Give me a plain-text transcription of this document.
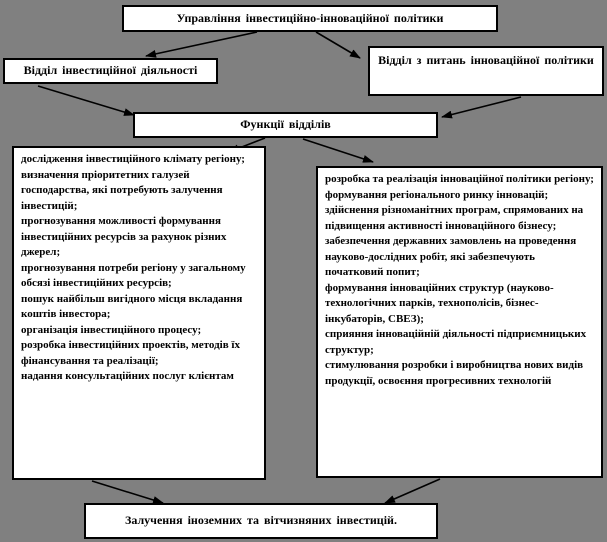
Управління інвестиційно-інноваційної політики
Відділ інвестиційної діяльності
Відділ з питань інноваційної політики
Функції відділів
дослідження інвестиційного клімату регіону;
визначення пріоритетних галузей господарства, які потребують залучення інвестицій;
прогнозування можливості формування інвестиційних ресурсів за рахунок різних джерел;
прогнозування потреби регіону у загальному обсязі інвестиційних ресурсів;
пошук найбільш вигідного місця вкладання коштів інвестора;
організація інвестиційного процесу;
розробка інвестиційних проектів, методів їх фінансування та реалізації;
надання консультаційних послуг клієнтам
розробка та реалізація інноваційної політики регіону;
формування регіонального ринку інновацій;
здійснення різноманітних програм, спрямованих на підвищення активності інноваційного бізнесу;
забезпечення державних замовлень на проведення науково-дослідних робіт, які забезпечують початковий попит;
формування інноваційних структур (науково-технологічних парків, технополісів, бізнес-інкубаторів, СВЕЗ);
сприяння інноваційній діяльності підприємницьких структур;
стимулювання розробки і виробництва нових видів продукції, освоєння прогресивних технологій
Залучення іноземних та вітчизняних інвестицій.
